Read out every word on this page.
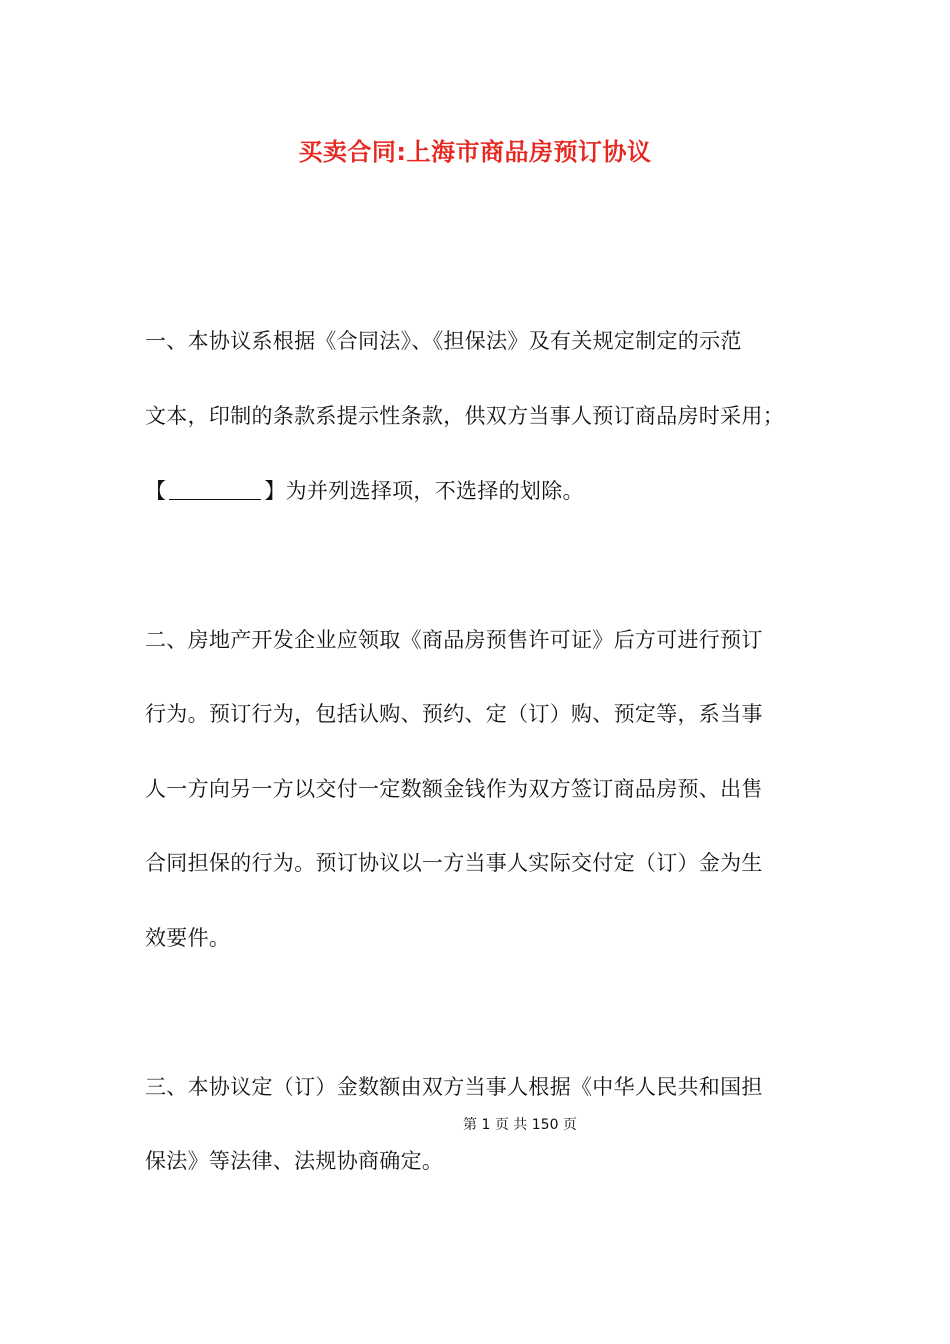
买卖合同:上海市商品房预订协议
一、本协议系根据《合同法》、《担保法》及有关规定制定的示范
文本，印制的条款系提示性条款，供双方当事人预订商品房时采用；
【	】为并列选择项，不选择的划除。
二、房地产开发企业应领取《商品房预售许可证》后方可进行预订
行为。预订行为，包括认购、预约、定（订）购、预定等，系当事
人一方向另一方以交付一定数额金钱作为双方签订商品房预、出售
合同担保的行为。预订协议以一方当事人实际交付定（订）金为生
效要件。
三、本协议定（订）金数额由双方当事人根据《中华人民共和国担
第 1 页 共 150 页
保法》等法律、法规协商确定。
